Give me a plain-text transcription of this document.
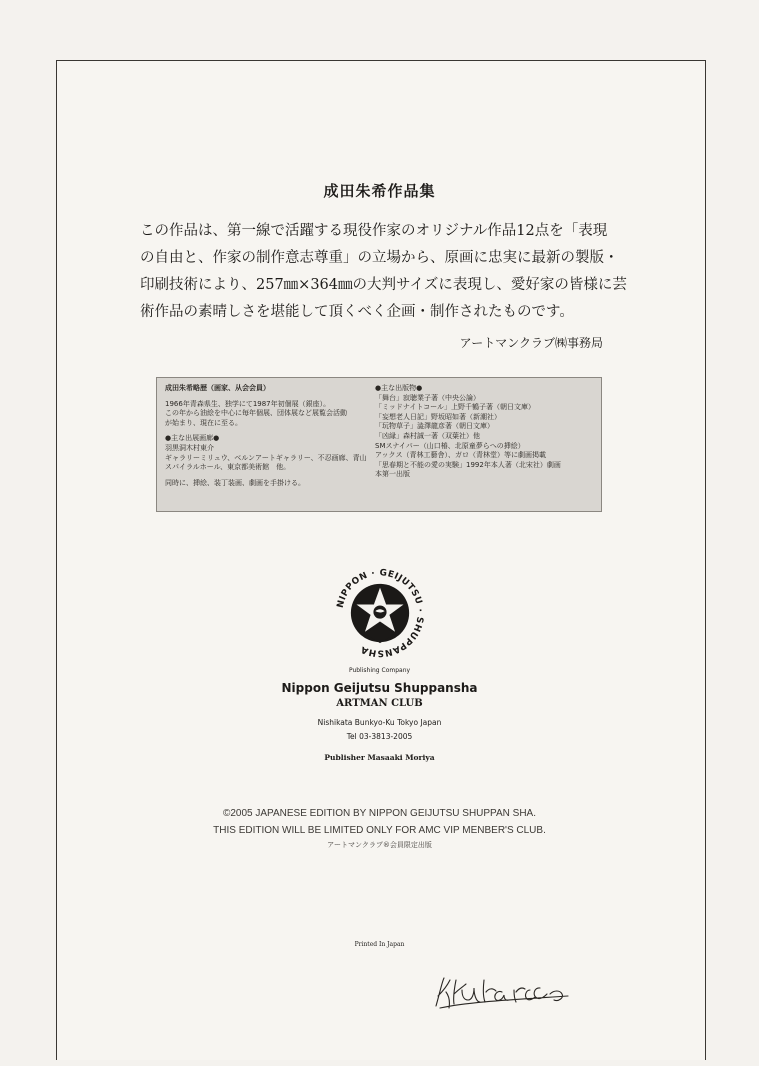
成田朱希作品集

この作品は、第一線で活躍する現役作家のオリジナル作品12点を「表現
の自由と、作家の制作意志尊重」の立場から、原画に忠実に最新の製版・
印刷技術により、257㎜×364㎜の大判サイズに表現し、愛好家の皆様に芸
術作品の素晴しさを堪能して頂くべく企画・制作されたものです。

アートマンクラブ㈱事務局
成田朱希略歴（画家、从会会員）
1966年青森県生、独学にて1987年初個展（銀座）。
この年から油絵を中心に毎年個展、団体展など展覧会活動
が始まり、現在に至る。
●主な出展画廊●
羽黒洞木村東介
ギャラリーミリュウ、ベルンアートギャラリー、不忍画廊、青山
スパイラルホール、東京都美術館　他。
同時に、挿絵、装丁装画、劇画を手掛ける。
●主な出版物●
「舞台」寂聴業子著（中央公論）
「ミッドナイトコール」上野千鶴子著（朝日文庫）
「妄想老人日記」野坂昭如著（新潮社）
「玩物草子」澁澤龍彦著（朝日文庫）
「凶縁」森村誠一著（双葉社）他
SMスナイパー（山口椿、北原童夢らへの挿絵）
アックス（青林工藝舎）、ガロ（青林堂）等に劇画掲載
「思春期と不能の愛の実験」1992年本人著（北宋社）劇画
本第一出版
NIPPON · GEIJUTSU · SHUPPANSHA
Publishing Company
Nippon Geijutsu Shuppansha
ARTMAN CLUB
Nishikata Bunkyo-Ku Tokyo Japan
Tel 03-3813-2005
Publisher Masaaki Moriya
©2005 JAPANESE EDITION BY NIPPON GEIJUTSU SHUPPAN SHA.
THIS EDITION WILL BE LIMITED ONLY FOR AMC VIP MENBER'S CLUB.
アートマンクラブ®会員限定出版
Printed In Japan
